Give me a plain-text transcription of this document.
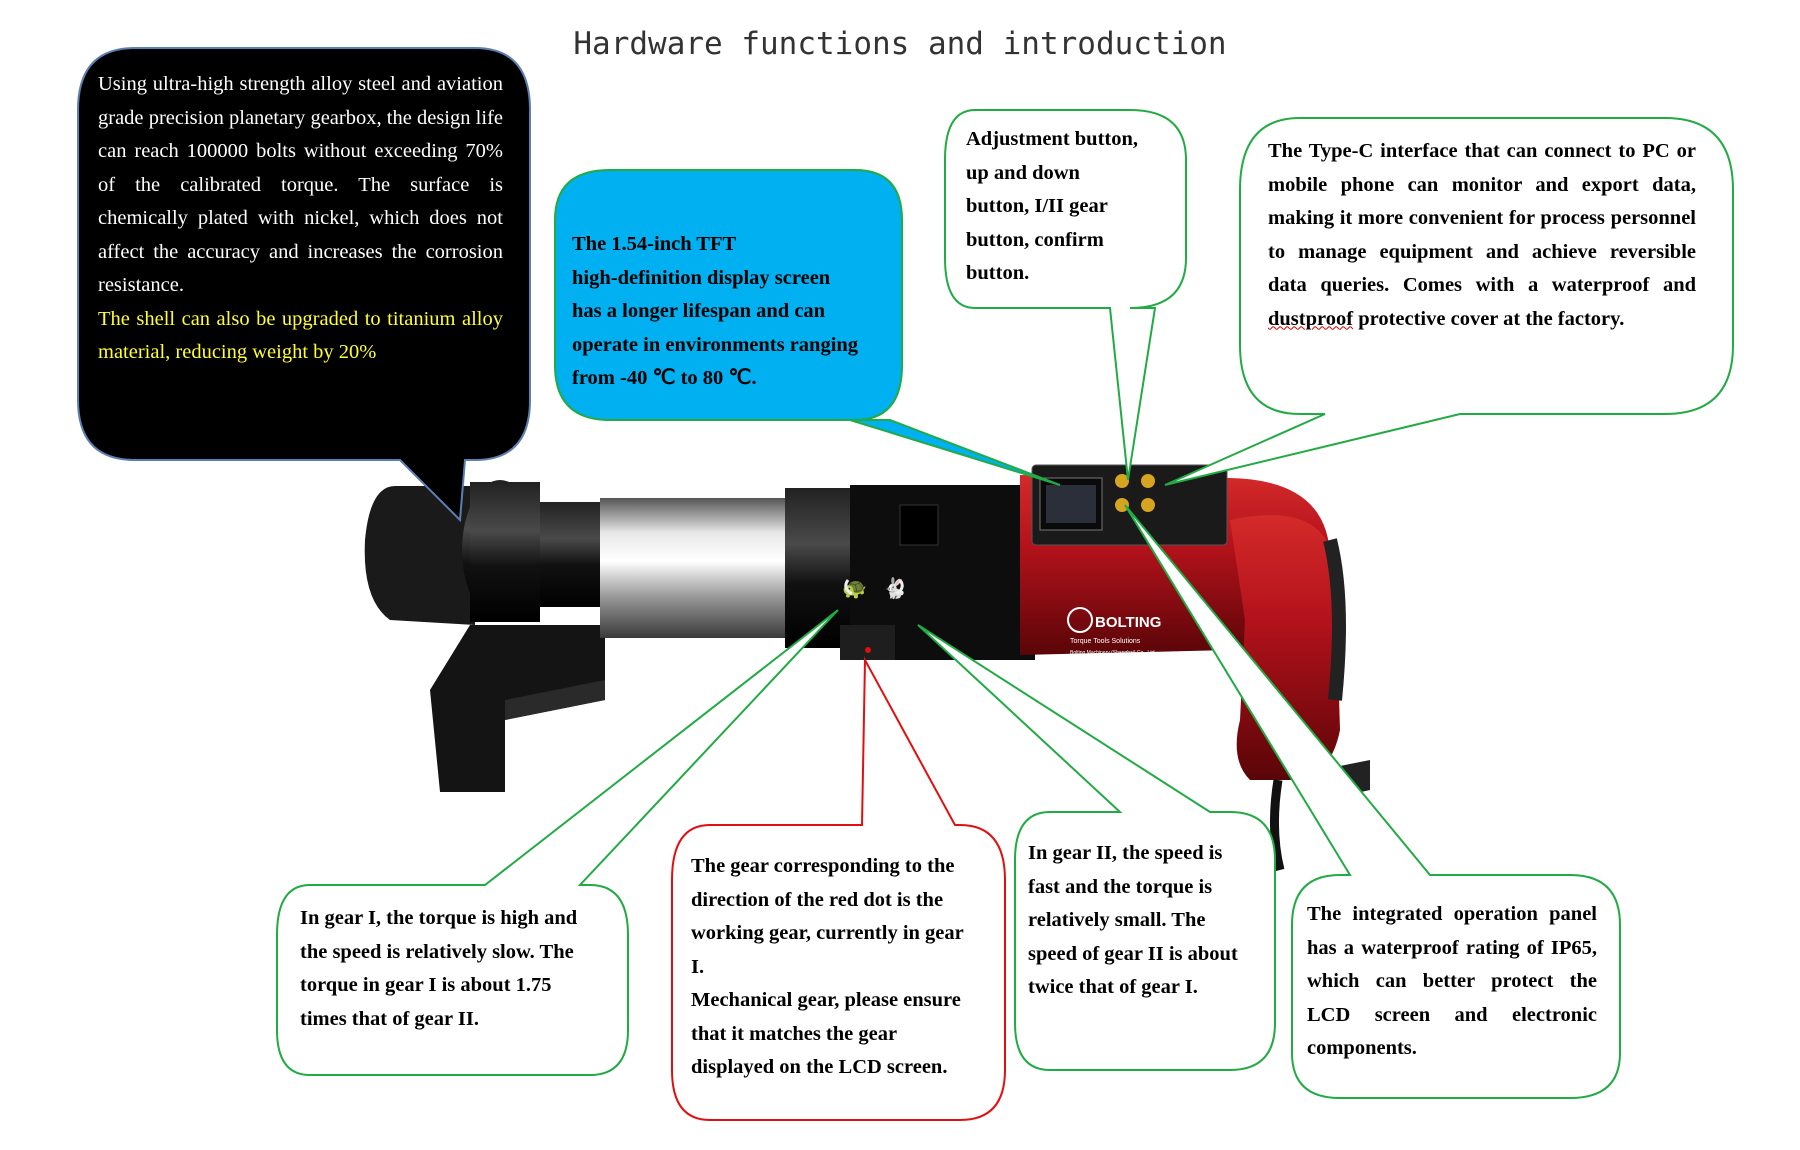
🐢 🐇
BOLTING
Torque Tools Solutions
Bolting Machinery (Shanghai) Co., Ltd
Hardware functions and introduction

Using ultra-high strength alloy steel and aviation grade precision planetary gearbox, the design life can reach 100000 bolts without exceeding 70% of the calibrated torque. The surface is chemically plated with nickel, which does not affect the accuracy and increases the corrosion resistance.

The shell can also be upgraded to titanium alloy material, reducing weight by 20%

The 1.54-inch TFT

high-definition display screen

has a longer lifespan and can

operate in environments ranging

from -40 ℃ to 80 ℃.

Adjustment button,

up and down

button, I/II gear

button, confirm

button.

The Type-C interface that can connect to PC or mobile phone can monitor and export data, making it more convenient for process personnel to manage equipment and achieve reversible data queries. Comes with a waterproof and dustproof protective cover at the factory.

In gear I, the torque is high and

the speed is relatively slow. The

torque in gear I is about 1.75

times that of gear II.

The gear corresponding to the

direction of the red dot is the

working gear, currently in gear

I.

Mechanical gear, please ensure

that it matches the gear

displayed on the LCD screen.

In gear II, the speed is

fast and the torque is

relatively small. The

speed of gear II is about

twice that of gear I.

The integrated operation panel has a waterproof rating of IP65, which can better protect the LCD screen and electronic components.
